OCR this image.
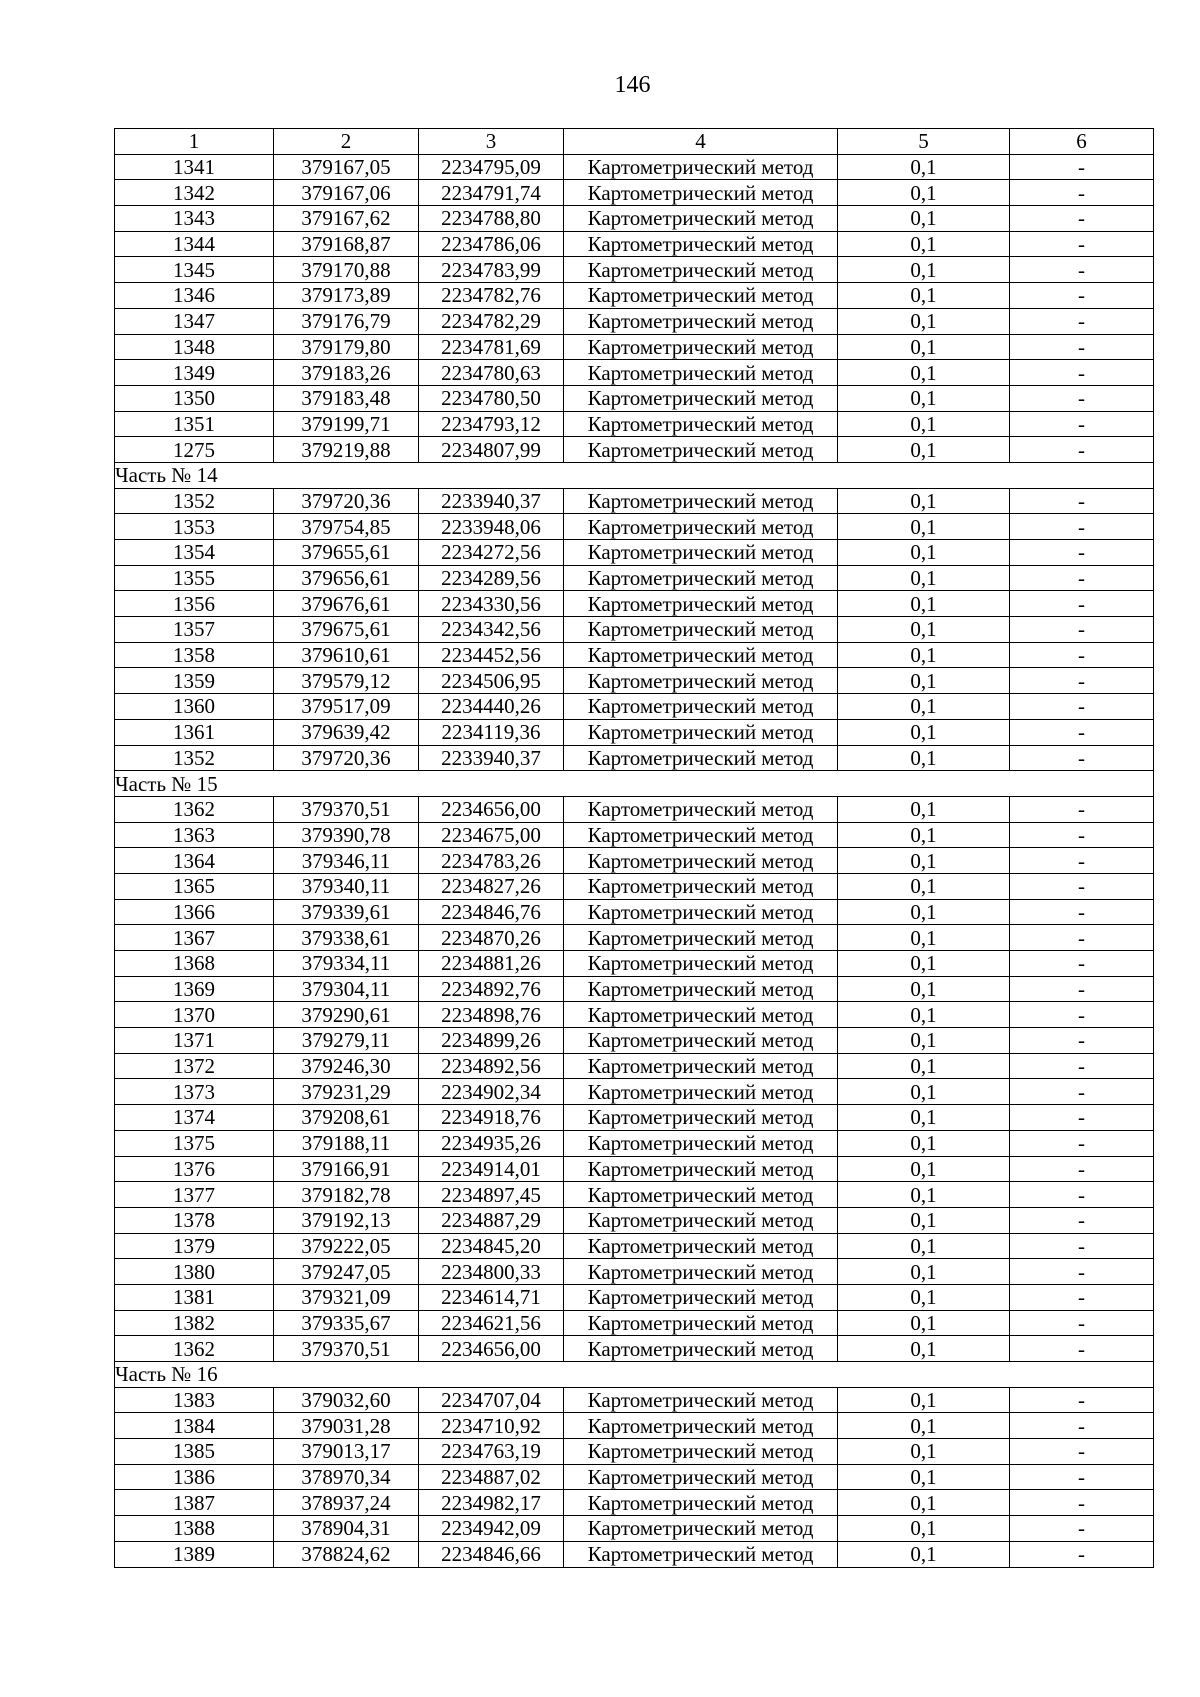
146
1	2	3	4	5	6
1341	379167,05	2234795,09	Картометрический метод	0,1	-
1342	379167,06	2234791,74	Картометрический метод	0,1	-
1343	379167,62	2234788,80	Картометрический метод	0,1	-
1344	379168,87	2234786,06	Картометрический метод	0,1	-
1345	379170,88	2234783,99	Картометрический метод	0,1	-
1346	379173,89	2234782,76	Картометрический метод	0,1	-
1347	379176,79	2234782,29	Картометрический метод	0,1	-
1348	379179,80	2234781,69	Картометрический метод	0,1	-
1349	379183,26	2234780,63	Картометрический метод	0,1	-
1350	379183,48	2234780,50	Картометрический метод	0,1	-
1351	379199,71	2234793,12	Картометрический метод	0,1	-
1275	379219,88	2234807,99	Картометрический метод	0,1	-
Часть № 14					
1352	379720,36	2233940,37	Картометрический метод	0,1	-
1353	379754,85	2233948,06	Картометрический метод	0,1	-
1354	379655,61	2234272,56	Картометрический метод	0,1	-
1355	379656,61	2234289,56	Картометрический метод	0,1	-
1356	379676,61	2234330,56	Картометрический метод	0,1	-
1357	379675,61	2234342,56	Картометрический метод	0,1	-
1358	379610,61	2234452,56	Картометрический метод	0,1	-
1359	379579,12	2234506,95	Картометрический метод	0,1	-
1360	379517,09	2234440,26	Картометрический метод	0,1	-
1361	379639,42	2234119,36	Картометрический метод	0,1	-
1352	379720,36	2233940,37	Картометрический метод	0,1	-
Часть № 15					
1362	379370,51	2234656,00	Картометрический метод	0,1	-
1363	379390,78	2234675,00	Картометрический метод	0,1	-
1364	379346,11	2234783,26	Картометрический метод	0,1	-
1365	379340,11	2234827,26	Картометрический метод	0,1	-
1366	379339,61	2234846,76	Картометрический метод	0,1	-
1367	379338,61	2234870,26	Картометрический метод	0,1	-
1368	379334,11	2234881,26	Картометрический метод	0,1	-
1369	379304,11	2234892,76	Картометрический метод	0,1	-
1370	379290,61	2234898,76	Картометрический метод	0,1	-
1371	379279,11	2234899,26	Картометрический метод	0,1	-
1372	379246,30	2234892,56	Картометрический метод	0,1	-
1373	379231,29	2234902,34	Картометрический метод	0,1	-
1374	379208,61	2234918,76	Картометрический метод	0,1	-
1375	379188,11	2234935,26	Картометрический метод	0,1	-
1376	379166,91	2234914,01	Картометрический метод	0,1	-
1377	379182,78	2234897,45	Картометрический метод	0,1	-
1378	379192,13	2234887,29	Картометрический метод	0,1	-
1379	379222,05	2234845,20	Картометрический метод	0,1	-
1380	379247,05	2234800,33	Картометрический метод	0,1	-
1381	379321,09	2234614,71	Картометрический метод	0,1	-
1382	379335,67	2234621,56	Картометрический метод	0,1	-
1362	379370,51	2234656,00	Картометрический метод	0,1	-
Часть № 16					
1383	379032,60	2234707,04	Картометрический метод	0,1	-
1384	379031,28	2234710,92	Картометрический метод	0,1	-
1385	379013,17	2234763,19	Картометрический метод	0,1	-
1386	378970,34	2234887,02	Картометрический метод	0,1	-
1387	378937,24	2234982,17	Картометрический метод	0,1	-
1388	378904,31	2234942,09	Картометрический метод	0,1	-
1389	378824,62	2234846,66	Картометрический метод	0,1	-
